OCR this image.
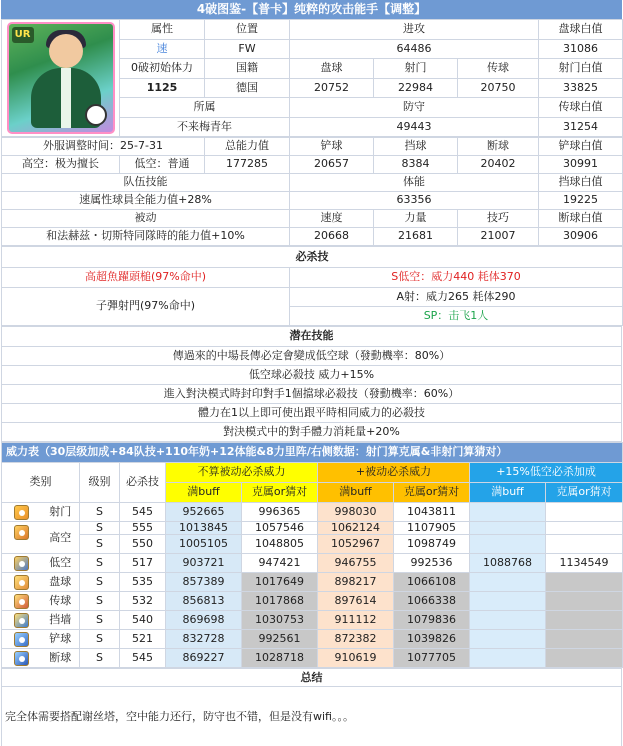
4破图鉴-【普卡】纯粹的攻击能手【调整】
UR	属性	位置	进攻			盘球白值
	速	FW	64486			31086
	0破初始体力	国籍	盘球	射门	传球	射门白值
	1125	德国	20752	22984	20750	33825
	所属		防守			传球白值
	不来梅青年		49443			31254
外服调整时间：25-7-31		总能力值	铲球	挡球	断球	铲球白值
高空：极为擅长	低空：普通	177285	20657	8384	20402	30991
队伍技能			体能			挡球白值
速属性球員全能力值+28%			63356			19225
被动			速度	力量	技巧	断球白值
和法赫兹・切斯特同隊時的能力值+10%			20668	21681	21007	30906
必杀技	
高超魚躍頭槌(97%命中)	S低空：威力440 耗体370
子彈射門(97%命中)	A射：威力265 耗体290
	SP：击飞1人
潜在技能
傳過來的中場長傳必定會變成低空球（發動機率：80%）
低空球必殺技 威力+15%
進入對決模式時封印對手1個擋球必殺技（發動機率：60%）
體力在1以上即可使出跟平時相同威力的必殺技
對決模式中的對手體力消耗量+20%
威力表（30层级加成+84队技+110年奶+12体能&8力里阵/右侧数据：射门算克属&非射门算猜对）									
类别		级别	必杀技	不算被动必杀威力		+被动必杀威力		+15%低空必杀加成	
				满buff	克属or猜对	满buff	克属or猜对	满buff	克属or猜对
	射门	S	545	952665	996365	998030	1043811		
	高空	S	555	1013845	1057546	1062124	1107905		
		S	550	1005105	1048805	1052967	1098749		
	低空	S	517	903721	947421	946755	992536	1088768	1134549
	盘球	S	535	857389	1017649	898217	1066108		
	传球	S	532	856813	1017868	897614	1066338		
	挡墙	S	540	869698	1030753	911112	1079836		
	铲球	S	521	832728	992561	872382	1039826		
	断球	S	545	869227	1028718	910619	1077705		
总结
完全体需要搭配谢丝塔，空中能力还行，防守也不错，但是没有wifi。。。
